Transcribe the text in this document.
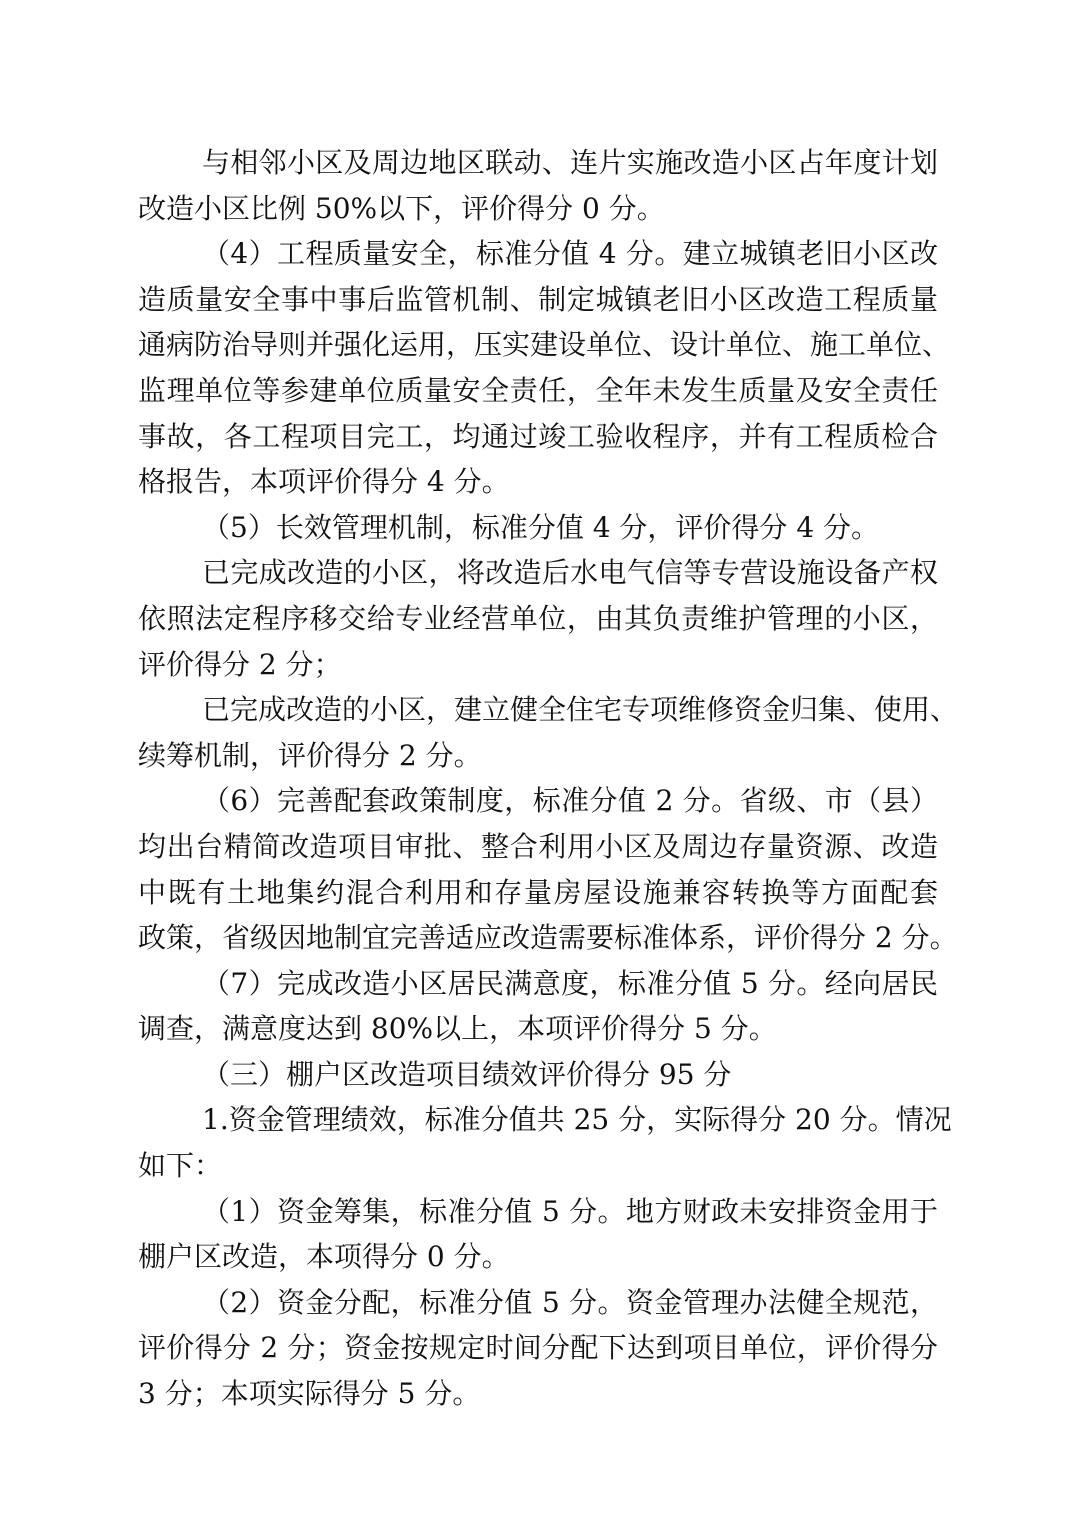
与相邻小区及周边地区联动、连片实施改造小区占年度计划
改造小区比例 50%以下，评价得分 0 分。
（4）工程质量安全，标准分值 4 分。建立城镇老旧小区改
造质量安全事中事后监管机制、制定城镇老旧小区改造工程质量
通病防治导则并强化运用，压实建设单位、设计单位、施工单位、
监理单位等参建单位质量安全责任，全年未发生质量及安全责任
事故，各工程项目完工，均通过竣工验收程序，并有工程质检合
格报告，本项评价得分 4 分。
（5）长效管理机制，标准分值 4 分，评价得分 4 分。
已完成改造的小区，将改造后水电气信等专营设施设备产权
依照法定程序移交给专业经营单位，由其负责维护管理的小区，
评价得分 2 分；
已完成改造的小区，建立健全住宅专项维修资金归集、使用、
续筹机制，评价得分 2 分。
（6）完善配套政策制度，标准分值 2 分。省级、市（县）
均出台精简改造项目审批、整合利用小区及周边存量资源、改造
中既有土地集约混合利用和存量房屋设施兼容转换等方面配套
政策，省级因地制宜完善适应改造需要标准体系，评价得分 2 分。
（7）完成改造小区居民满意度，标准分值 5 分。经向居民
调查，满意度达到 80%以上，本项评价得分 5 分。
（三）棚户区改造项目绩效评价得分 95 分
1.资金管理绩效，标准分值共 25 分，实际得分 20 分。情况
如下：
（1）资金筹集，标准分值 5 分。地方财政未安排资金用于
棚户区改造，本项得分 0 分。
（2）资金分配，标准分值 5 分。资金管理办法健全规范，
评价得分 2 分；资金按规定时间分配下达到项目单位，评价得分
3 分；本项实际得分 5 分。
